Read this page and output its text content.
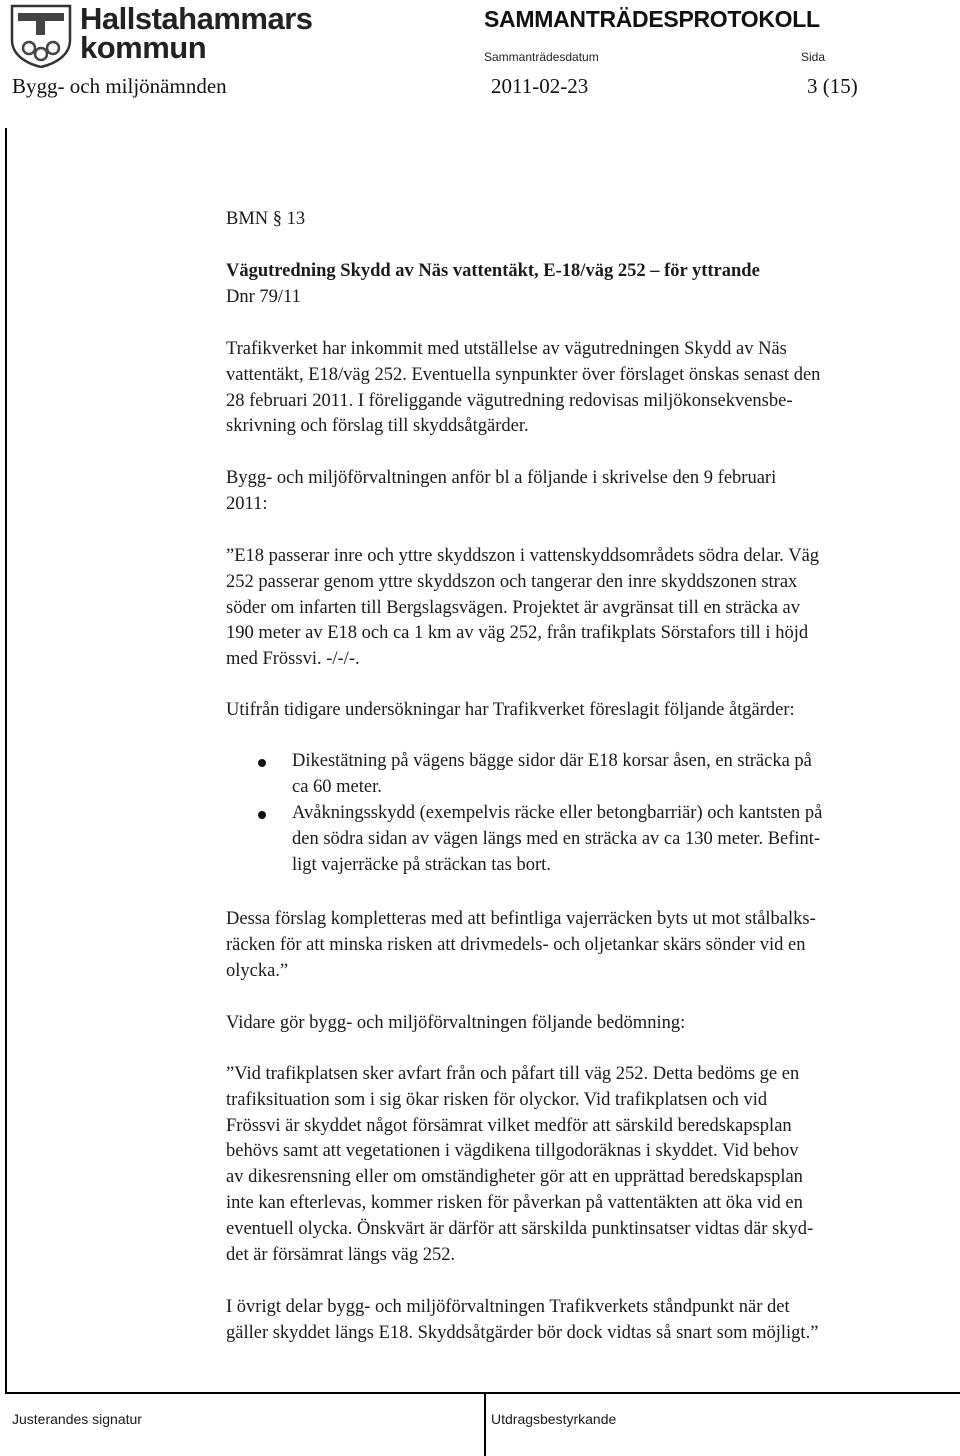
Hallstahammars
kommun
SAMMANTRÄDESPROTOKOLL
Sammanträdesdatum	Sida
Bygg- och miljönämnden	2011-02-23	3 (15)
BMN § 13
Vägutredning Skydd av Näs vattentäkt, E-18/väg 252 – för yttrande
Dnr 79/11
Trafikverket har inkommit med utställelse av vägutredningen Skydd av Näs
vattentäkt, E18/väg 252. Eventuella synpunkter över förslaget önskas senast den
28 februari 2011. I föreliggande vägutredning redovisas miljökonsekvensbe-
skrivning och förslag till skyddsåtgärder.
Bygg- och miljöförvaltningen anför bl a följande i skrivelse den 9 februari
2011:
”E18 passerar inre och yttre skyddszon i vattenskyddsområdets södra delar. Väg
252 passerar genom yttre skyddszon och tangerar den inre skyddszonen strax
söder om infarten till Bergslagsvägen. Projektet är avgränsat till en sträcka av
190 meter av E18 och ca 1 km av väg 252, från trafikplats Sörstafors till i höjd
med Frössvi. -/-/-.
Utifrån tidigare undersökningar har Trafikverket föreslagit följande åtgärder:
Dikestätning på vägens bägge sidor där E18 korsar åsen, en sträcka på
ca 60 meter.
Avåkningsskydd (exempelvis räcke eller betongbarriär) och kantsten på
den södra sidan av vägen längs med en sträcka av ca 130 meter. Befint-
ligt vajerräcke på sträckan tas bort.
Dessa förslag kompletteras med att befintliga vajerräcken byts ut mot stålbalks-
räcken för att minska risken att drivmedels- och oljetankar skärs sönder vid en
olycka.”
Vidare gör bygg- och miljöförvaltningen följande bedömning:
”Vid trafikplatsen sker avfart från och påfart till väg 252. Detta bedöms ge en
trafiksituation som i sig ökar risken för olyckor. Vid trafikplatsen och vid
Frössvi är skyddet något försämrat vilket medför att särskild beredskapsplan
behövs samt att vegetationen i vägdikena tillgodoräknas i skyddet. Vid behov
av dikesrensning eller om omständigheter gör att en upprättad beredskapsplan
inte kan efterlevas, kommer risken för påverkan på vattentäkten att öka vid en
eventuell olycka. Önskvärt är därför att särskilda punktinsatser vidtas där skyd-
det är försämrat längs väg 252.
I övrigt delar bygg- och miljöförvaltningen Trafikverkets ståndpunkt när det
gäller skyddet längs E18. Skyddsåtgärder bör dock vidtas så snart som möjligt.”
Justerandes signatur	Utdragsbestyrkande
